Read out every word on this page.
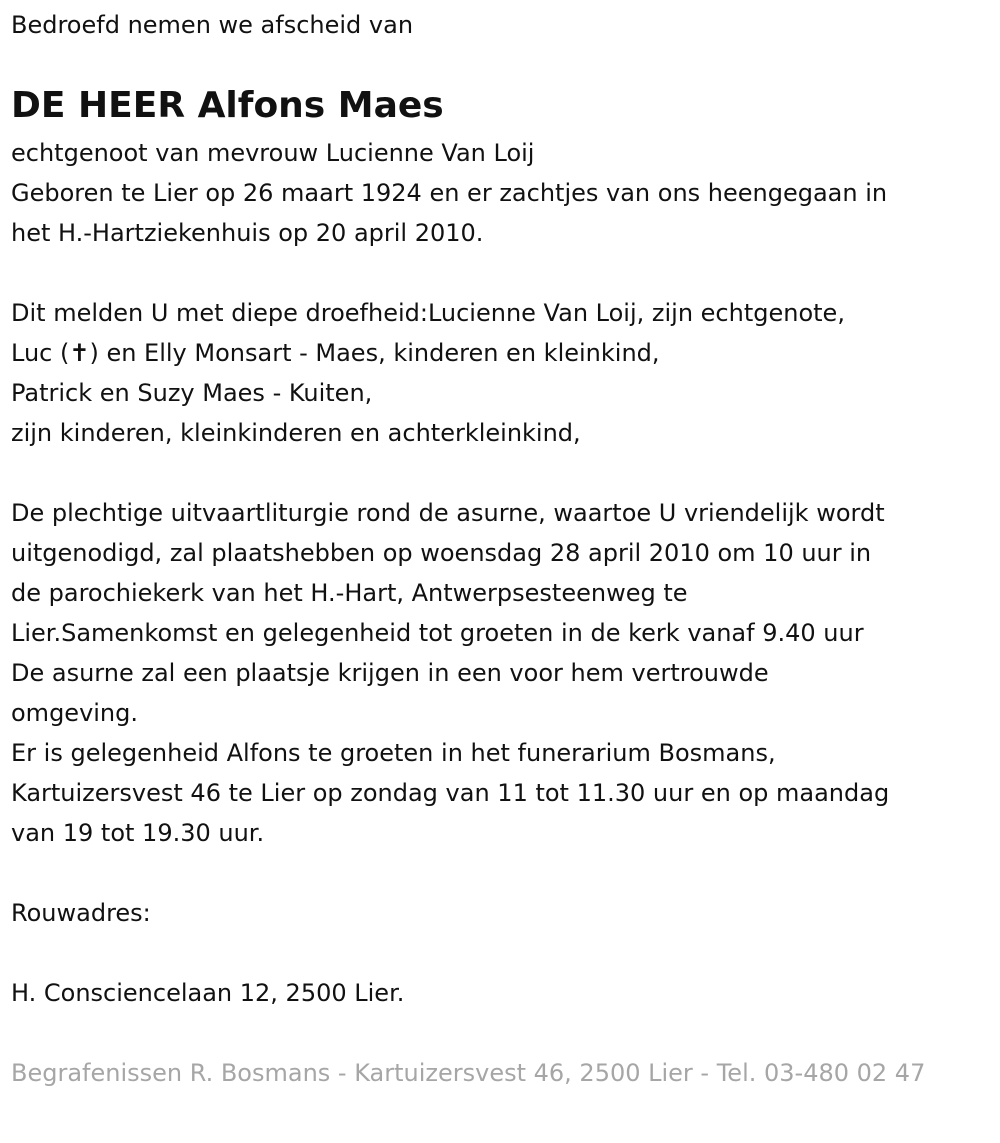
Bedroefd nemen we afscheid van

DE HEER Alfons Maes

echtgenoot van mevrouw Lucienne Van Loij

Geboren te Lier op 26 maart 1924 en er zachtjes van ons heengegaan in

het H.-Hartziekenhuis op 20 april 2010.

Dit melden U met diepe droefheid:Lucienne Van Loij, zijn echtgenote,

Luc (✝) en Elly Monsart - Maes, kinderen en kleinkind,

Patrick en Suzy Maes - Kuiten,

zijn kinderen, kleinkinderen en achterkleinkind,

De plechtige uitvaartliturgie rond de asurne, waartoe U vriendelijk wordt

uitgenodigd, zal plaatshebben op woensdag 28 april 2010 om 10 uur in

de parochiekerk van het H.-Hart, Antwerpsesteenweg te

Lier.Samenkomst en gelegenheid tot groeten in de kerk vanaf 9.40 uur

De asurne zal een plaatsje krijgen in een voor hem vertrouwde

omgeving.

Er is gelegenheid Alfons te groeten in het funerarium Bosmans,

Kartuizersvest 46 te Lier op zondag van 11 tot 11.30 uur en op maandag

van 19 tot 19.30 uur.

Rouwadres:

H. Consciencelaan 12, 2500 Lier.

Begrafenissen R. Bosmans - Kartuizersvest 46, 2500 Lier - Tel. 03-480 02 47
